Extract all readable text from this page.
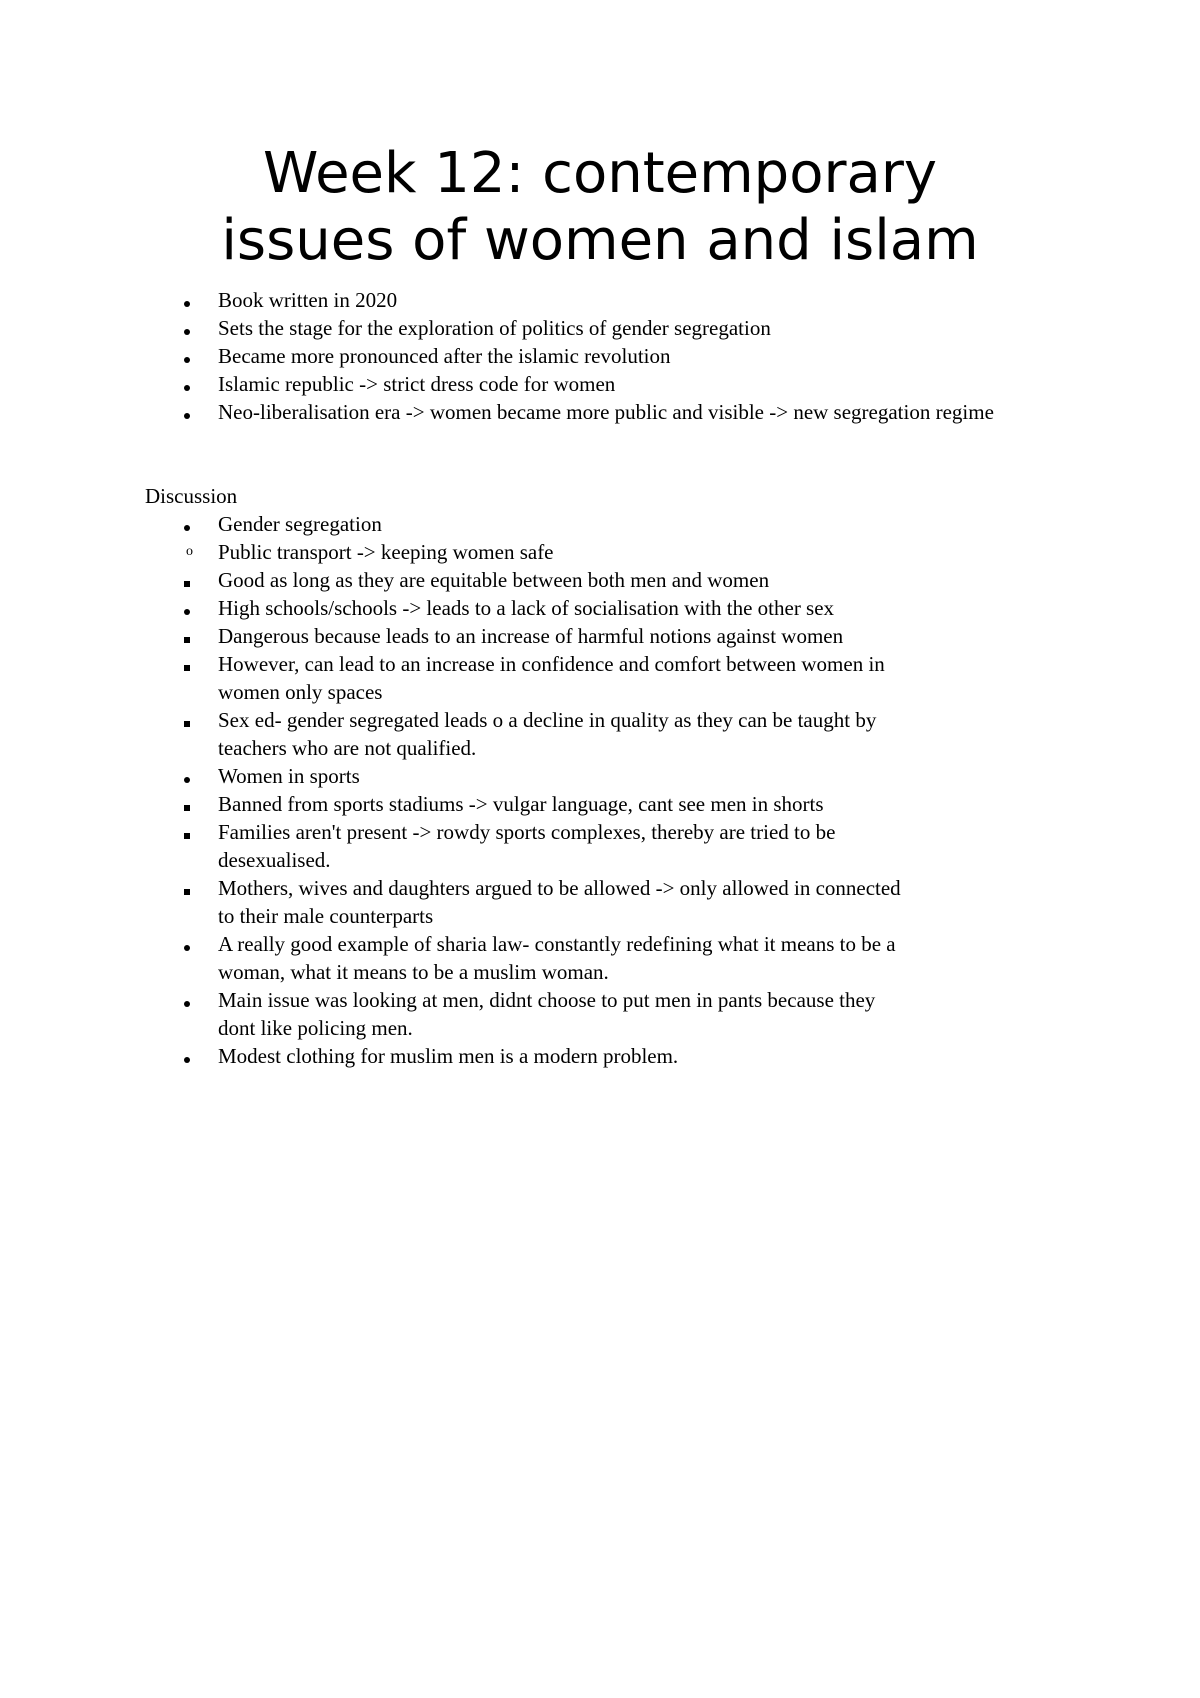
Week 12: contemporary
issues of women and islam
Book written in 2020
Sets the stage for the exploration of politics of gender segregation
Became more pronounced after the islamic revolution
Islamic republic -> strict dress code for women
Neo-liberalisation era -> women became more public and visible -> new segregation regime
Discussion
Gender segregation
o Public transport -> keeping women safe
Good as long as they are equitable between both men and women
High schools/schools -> leads to a lack of socialisation with the other sex
Dangerous because leads to an increase of harmful notions against women
However, can lead to an increase in confidence and comfort between women in women only spaces
Sex ed- gender segregated leads o a decline in quality as they can be taught by teachers who are not qualified.
Women in sports
Banned from sports stadiums -> vulgar language, cant see men in shorts
Families aren't present -> rowdy sports complexes, thereby are tried to be desexualised.
Mothers, wives and daughters argued to be allowed -> only allowed in connected to their male counterparts
A really good example of sharia law- constantly redefining what it means to be a woman, what it means to be a muslim woman.
Main issue was looking at men, didnt choose to put men in pants because they dont like policing men.
Modest clothing for muslim men is a modern problem.
